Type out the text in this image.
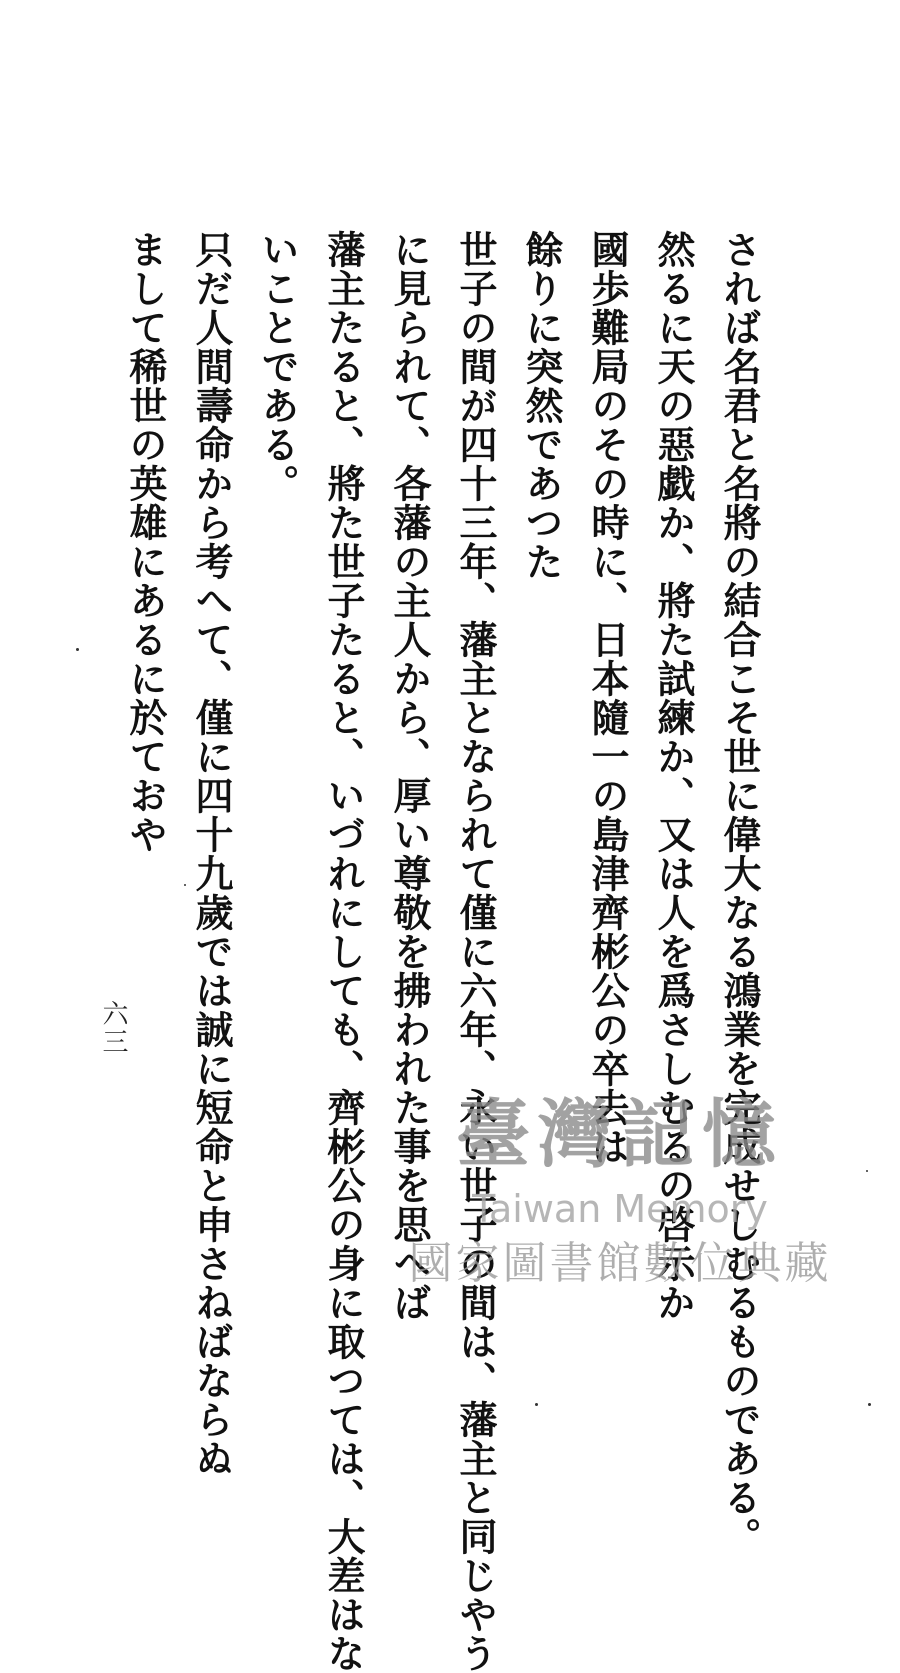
されば名君と名將の結合こそ世に偉大なる鴻業を完成せしむるものである。
然るに天の惡戯か、將た試練か、又は人を爲さしむるの啓示か
國歩難局のその時に、日本隨一の島津齊彬公の卒去は
餘りに突然であつた
世子の間が四十三年、藩主となられて僅に六年、永い世子の間は、藩主と同じやう
に見られて、各藩の主人から、厚い尊敬を拂われた事を思へば
藩主たると、將た世子たると、いづれにしても、齊彬公の身に取つては、大差はな
いことである。
只だ人間壽命から考へて、僅に四十九歲では誠に短命と申さねばならぬ
まして稀世の英雄にあるに於ておや
六三
臺灣記憶
Taiwan Memory
國家圖書館數位典藏
